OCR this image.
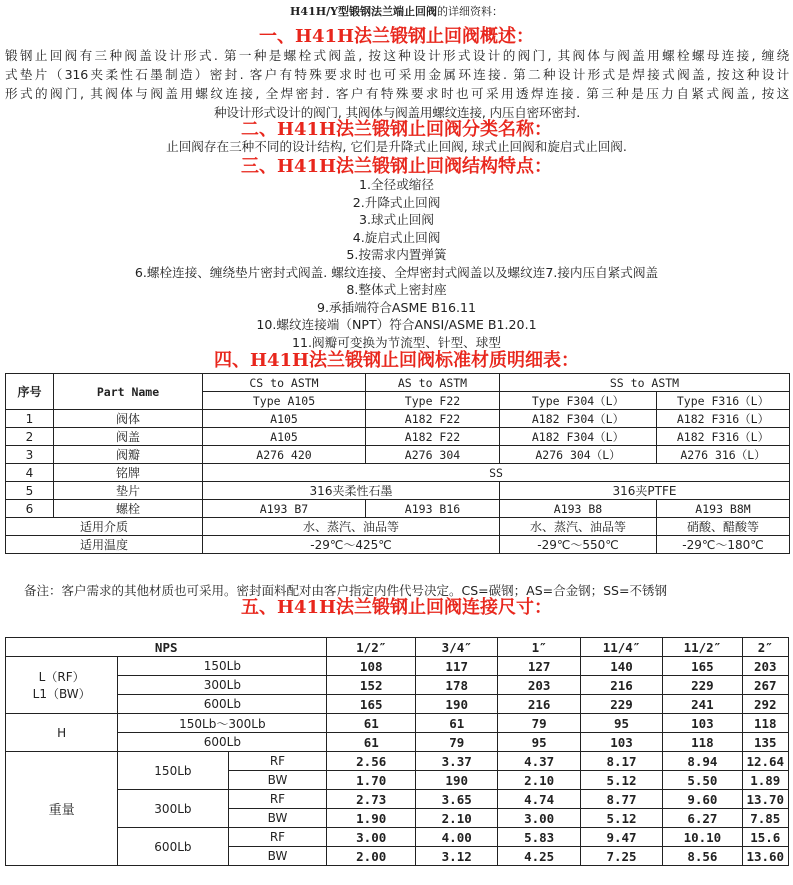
H41H/Y型锻钢法兰端止回阀的详细资料：
一、H41H法兰锻钢止回阀概述：
锻钢止回阀有三种阀盖设计形式. 第一种是螺栓式阀盖, 按这种设计形式设计的阀门, 其阀体与阀盖用螺栓螺母连接, 缠绕
式垫片（316夹柔性石墨制造）密封. 客户有特殊要求时也可采用金属环连接. 第二种设计形式是焊接式阀盖, 按这种设计
形式的阀门, 其阀体与阀盖用螺纹连接, 全焊密封. 客户有特殊要求时也可采用透焊连接. 第三种是压力自紧式阀盖, 按这
种设计形式设计的阀门, 其阀体与阀盖用螺纹连接, 内压自密环密封.
二、H41H法兰锻钢止回阀分类名称：
止回阀存在三种不同的设计结构, 它们是升降式止回阀, 球式止回阀和旋启式止回阀.
三、H41H法兰锻钢止回阀结构特点：
1.全径或缩径
2.升降式止回阀
3.球式止回阀
4.旋启式止回阀
5.按需求内置弹簧
6.螺栓连接、缠绕垫片密封式阀盖. 螺纹连接、全焊密封式阀盖以及螺纹连7.接内压自紧式阀盖
8.整体式上密封座
9.承插端符合ASME B16.11
10.螺纹连接端（NPT）符合ANSI/ASME B1.20.1
11.阀瓣可变换为节流型、针型、球型
四、H41H法兰锻钢止回阀标准材质明细表：
序号	Part Name	CS to ASTM	AS to ASTM	SS to ASTM	
		Type A105	Type F22	Type F304（L）	Type F316（L）
1	阀体	A105	A182 F22	A182 F304（L）	A182 F316（L）
2	阀盖	A105	A182 F22	A182 F304（L）	A182 F316（L）
3	阀瓣	A276 420	A276 304	A276 304（L）	A276 316（L）
4	铭牌	SS			
5	垫片	316夹柔性石墨		316夹PTFE	
6	螺栓	A193 B7	A193 B16	A193 B8	A193 B8M
适用介质		水、蒸汽、油品等		水、蒸汽、油品等	硝酸、醋酸等
适用温度		-29℃～425℃		-29℃～550℃	-29℃～180℃
备注：客户需求的其他材质也可采用。密封面料配对由客户指定内件代号决定。CS=碳钢；AS=合金钢；SS=不锈钢
五、H41H法兰锻钢止回阀连接尺寸：
NPS			1/2″	3/4″	1″	11/4″	11/2″	2″

L（RF）
L1（BW）	150Lb		108	117	127	140	165	203
	300Lb		152	178	203	216	229	267
	600Lb		165	190	216	229	241	292
H	150Lb～300Lb		61	61	79	95	103	118
	600Lb		61	79	95	103	118	135
重量	150Lb	RF	2.56	3.37	4.37	8.17	8.94	12.64
		BW	1.70	190	2.10	5.12	5.50	1.89
	300Lb	RF	2.73	3.65	4.74	8.77	9.60	13.70
		BW	1.90	2.10	3.00	5.12	6.27	7.85
	600Lb	RF	3.00	4.00	5.83	9.47	10.10	15.6
		BW	2.00	3.12	4.25	7.25	8.56	13.60
